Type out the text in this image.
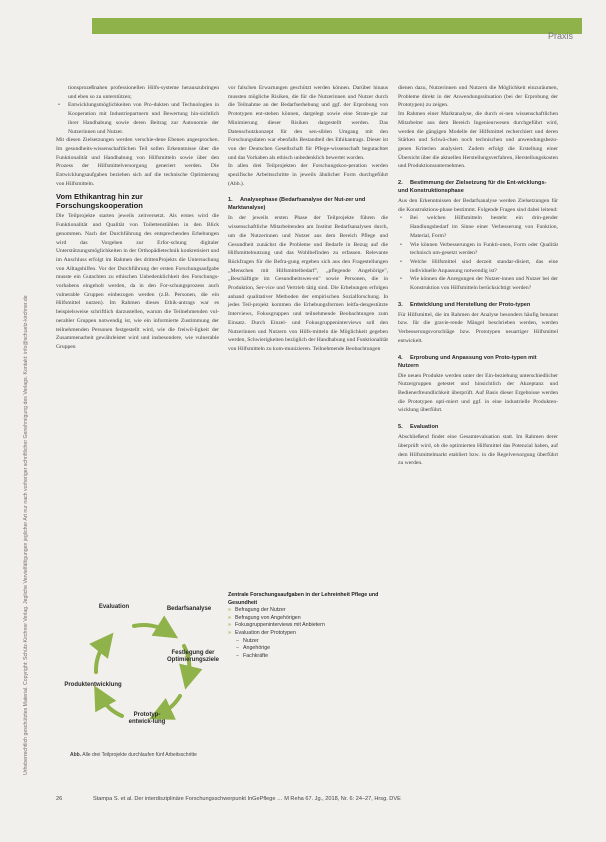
Praxis
Urheberrechtlich geschütztes Material. Copyright: Schütz-Kirchner Verlag. Jegliche Vervielfältigungen jeglicher Art nur nach vorheriger schriftlicher Genehmigung des Verlags. Kontakt: info@schuetz-kirchner.de

tionsprozeßnahen professionellen Hilfs-systeme herauszubringen und eben so zu unterstützen;

• Entwicklungsmöglichkeiten von Pro-dukten und Technologien in Kooperation mit Industriepartnern und Bewertung hin-sichtlich ihrer Handhabung sowie deren Beitrag zur Autonomie der Nutzerinnen und Nutzer.

Mit diesen Zielsetzungen werden verschie-dene Ebenen angesprochen. Im gesundheits-wissenschaftlichen Teil sollen Erkenntnisse über die Funktionalität und Handhabung von Hilfsmitteln sowie über den Prozess der Hilfsmittelversorgung generiert werden. Die Entwicklungsaufgaben beziehen sich auf die technische Optimierung von Hilfsmitteln.

Vom Ethikantrag hin zur Forschungskooperation

Die Teilprojekte starten jeweils zeitversetzt. Als erstes wird die Funktionalität und Qualität von Toilettenstühlen in den Blick genommen. Nach der Durchführung des entsprechenden Erhebungen wird das Vorgehen zur Erfor-schung digitaler Unterstützungsmöglichkeiten in der Orthopädietechnik konkretisiert und im Anschluss erfolgt im Rahmen des drittenProjekts die Untersuchung von Alltagshilfen. Vor der Durchführung der ersten Forschungsaufgabe musste ein Gutachten zu ethischen Unbedenklichkeit des Forschungs-vorhabens eingeholt werden, da in den For-schungsprozess auch vulnerable Gruppen einbezogen werden (z.B. Personen, die ein Hilfsmittel nutzen). Im Rahmen dieses Ethik-antrags war es beispielsweise schriftlich darzustellen, warum die Teilnehmenden vul-nerabler Gruppen notwendig ist, wie ein informierte Zustimmung der teilnehmenden Personen festgestellt wird, wie die freiwil-ligkeit der Zusammenarbeit gewährleistet wird und insbesondere, wie vulnerable Gruppen

vor falschen Erwartungen geschützt werden können. Darüber hinaus mussten mögliche Risiken, die für die Nutzerinnen und Nutzer durch die Teilnahme an der Bedarfserhebung und ggf. der Erprobung von Prototypen ent-stehen können, dargelegt sowie eine Strate-gie zur Minimierung dieser Risiken dargestellt werden. Das Datenschutzkonzept für den sen-siblen Umgang mit den Forschungsdaten war ebenfalls Bestandteil des Ethikantrags. Dieser ist von der Deutschen Gesellschaft für Pflege-wissenschaft begutachtet und das Vorhaben als ethisch unbedenklich bewertet worden.

In allen drei Teilprojekten der Forschungskoo-peration werden spezifische Arbeitsschritte in jeweils ähnlicher Form durchgeführt (Abb.).

1. Analysephase (Bedarfsanalyse der Nut-zer und Marktanalyse)

In der jeweils ersten Phase der Teilprojekte führen die wissenschaftliche Mitarbeitenden am Institut Bedarfsanalysen durch, um die Nutzerinnen und Nutzer aus dem Bereich Pflege und Gesundheit zunächst die Probleme und Bedarfe in Bezug auf die Hilfsmittelnutzung und das Wohlbefinden zu erfassen. Relevante Rückfragen für die Befra-gung ergeben sich aus den Fragestellungen „Menschen mit Hilfsmittelbedarf", „pflegende Angehörige", „Beschäftigte im Gesundheitswes-en" sowie Personen, die in Produktion, Ser-vice und Vertrieb tätig sind. Die Erhebungen erfolgen anhand qualitativer Methoden der empirischen Sozialforschung. In jedes Teil-projekt kommen die Erhebungsformen leitfa-dengestützte Interviews, Fokusgruppen und teilnehmende Beobachtungen zum Einsatz. Durch Einzel- und Fokusgruppeninterviews soll den Nutzerinnen und Nutzern von Hilfs-mitteln die Möglichkeit gegeben werden, Schwierigkeiten bezüglich der Handhabung und Funktionalität von Hilfsmitteln zu kom-munizieren. Teilnehmende Beobachtungen

dienen dazu, Nutzerinnen und Nutzern die Möglichkeit einzuräumen, Probleme direkt in der Anwendungssituation (bei der Erprobung der Prototypen) zu zeigen.

Im Rahmen einer Marktanalyse, die durch ei-nen wissenschaftlichen Mitarbeiter aus dem Bereich Ingenieurwesen durchgeführt wird, werden die gängigen Modelle der Hilfsmittel recherchiert und deren Stärken und Schwä-chen noch technischen und anwendungsbezo-genen Kriterien analysiert. Zudem erfolgt die Erstellung einer Übersicht über die aktuellen Herstellungsverfahren, Herstellungskosten und Produktionsunternehmen.

2. Bestimmung der Zielsetzung für die Ent-wicklungs- und Konstruktionsphase

Aus den Erkenntnissen der Bedarfsanalyse werden Zielsetzungen für die Konstruktions-phase bestimmt. Folgende Fragen sind dabei leitend:

• Bei welchen Hilfsmitteln besteht ein drin-gender Handlungsbedarf im Sinne einer Verbesserung von Funktion, Material, Form?
• Wie können Verbesserungen in Funkti-onen, Form oder Qualität technisch um-gesetzt werden?
• Welche Hilfsmittel sind derzeit standar-disiert, das eine individuelle Anpassung notwendig ist?
• Wie können die Anregungen der Nutzer-innen und Nutzer bei der Konstruktion von Hilfsmitteln berücksichtigt werden?
3. Entwicklung und Herstellung der Proto-typen

Für Hilfsmittel, die im Rahmen der Analyse besonders häufig benannt bzw. für die gravie-rende Mängel beschrieben werden, werden Verbesserungsvorschläge bzw. Prototypen neuartiger Hilfsmittel entwickelt.

4. Erprobung und Anpassung von Proto-typen mit Nutzern

Die neuen Produkte werden unter der Ein-beziehung unterschiedlicher Nutzergruppen getestet und hinsichtlich der Akzeptanz und Bedienerfreundlichkeit überprüft. Auf Basis dieser Ergebnisse werden die Prototypen opti-miert und ggf. in eine industrielle Produkten-wicklung überführt.

5. Evaluation

Abschließend findet eine Gesamtevaluation statt. Im Rahmen derer überprüft wird, ob die optimierten Hilfsmittel das Potenzial haben, auf dem Hilfsmittelmarkt etabliert bzw. in die Regelversorgung überführt zu werden.

Evaluation	Bedarfsanalyse
Festlegung der Optimierungsziele
Produktentwicklung
Prototyp-entwick-lung
Abb. Alle drei Teilprojekte durchlaufen fünf Arbeitsschritte
Zentrale Forschungsaufgaben in der Lehreinheit Pflege und Gesundheit
» Befragung der Nutzer
» Befragung von Angehörigen
» Fokusgruppeninterviews mit Anbietern
» Evaluation der Prototypen
– Nutzer
– Angehörige
– Fachkräfte
26	Stampa S. et al. Der interdisziplinäre Forschungsschwerpunkt InGePflege … M Reha 67. Jg., 2018, Nr. 6: 24–27, Hrsg. DVE
